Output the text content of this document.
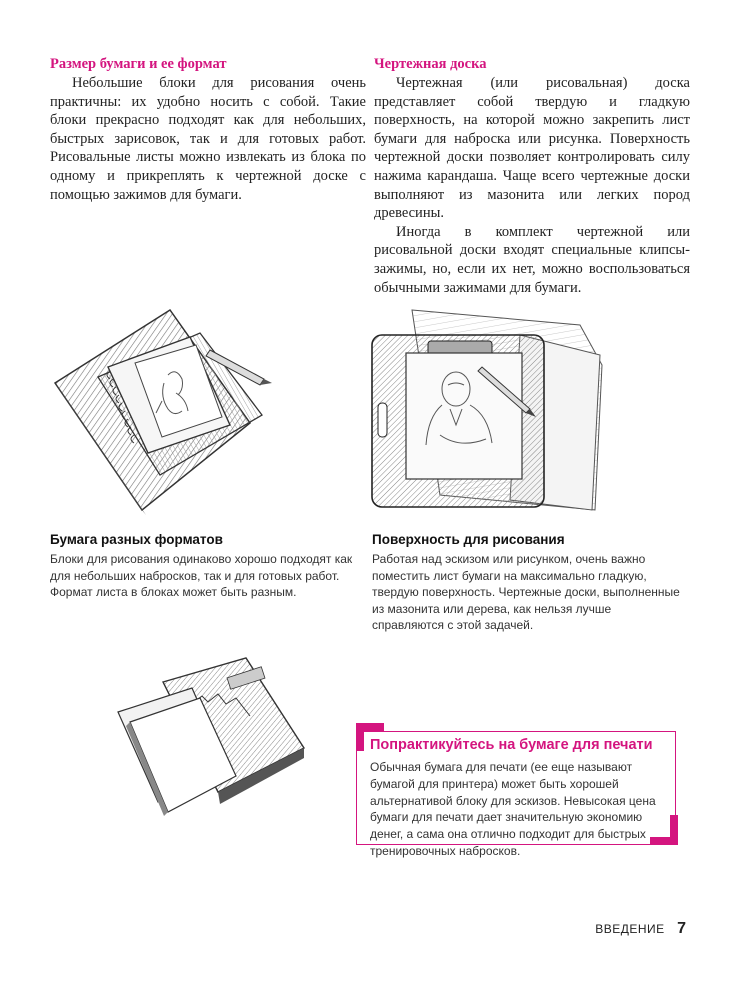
Размер бумаги и ее формат

Небольшие блоки для рисования очень практичны: их удобно носить с собой. Такие блоки прекрасно подходят как для небольших, быстрых зарисовок, так и для готовых работ. Рисовальные листы можно извлекать из блока по одному и прикреплять к чертежной доске с помощью зажимов для бумаги.

Чертежная доска

Чертежная (или рисовальная) доска представляет собой твердую и гладкую поверхность, на которой можно закрепить лист бумаги для наброска или рисунка. Поверхность чертежной доски позволяет контролировать силу нажима карандаша. Чаще всего чертежные доски выполняют из мазонита или легких пород древесины.

Иногда в комплект чертежной или рисовальной доски входят специальные клипсы-зажимы, но, если их нет, можно воспользоваться обычными зажимами для бумаги.

Бумага разных форматов

Блоки для рисования одинаково хорошо подходят как для небольших набросков, так и для готовых работ. Формат листа в блоках может быть разным.

Поверхность для рисования

Работая над эскизом или рисунком, очень важно поместить лист бумаги на максимально гладкую, твердую поверхность. Чертежные доски, выполненные из мазонита или дерева, как нельзя лучше справляются с этой задачей.

Попрактикуйтесь на бумаге для печати

Обычная бумага для печати (ее еще называют бумагой для принтера) может быть хорошей альтернативой блоку для эскизов. Невысокая цена бумаги для печати дает значительную экономию денег, а сама она отлично подходит для быстрых тренировочных набросков.

ВВЕДЕНИЕ 7
